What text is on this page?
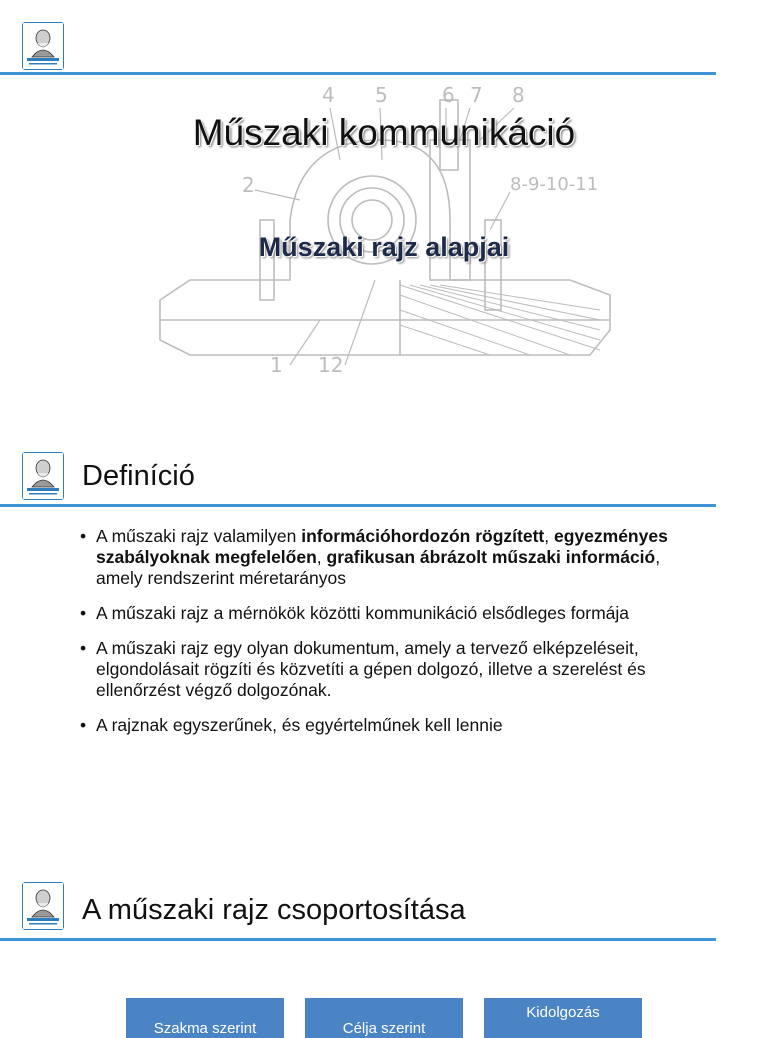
4 5	6 7 8
2	8-9-10-11
1 12
Műszaki kommunikáció
Műszaki rajz alapjai
Definíció
• A műszaki rajz valamilyen információhordozón rögzített, egyezményes szabályoknak megfelelően, grafikusan ábrázolt műszaki információ, amely rendszerint méretarányos
• A műszaki rajz a mérnökök közötti kommunikáció elsődleges formája
• A műszaki rajz egy olyan dokumentum, amely a tervező elképzeléseit, elgondolásait rögzíti és közvetíti a gépen dolgozó, illetve a szerelést és ellenőrzést végző dolgozónak.
• A rajznak egyszerűnek, és egyértelműnek kell lennie
A műszaki rajz csoportosítása
Szakma szerint	Célja szerint
Kidolgozás
